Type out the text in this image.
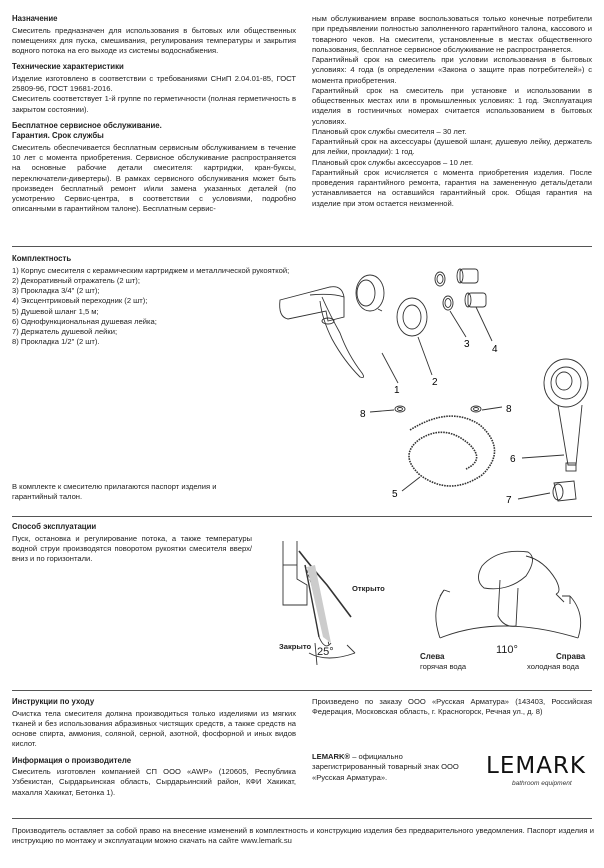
Назначение
Смеситель предназначен для использования в бытовых или общественных помещениях для пуска, смешивания, регулирования температуры и закрытия водного потока на его выходе из системы водоснабжения.
Технические характеристики
Изделие изготовлено в соответствии с требованиями СНиП 2.04.01-85, ГОСТ 25809-96, ГОСТ 19681-2016.
Смеситель соответствует 1-й группе по герметичности (полная герметичность в закрытом состоянии).
Бесплатное сервисное обслуживание.
Гарантия. Срок службы
Смеситель обеспечивается бесплатным сервисным обслуживанием в течение 10 лет с момента приобретения. Сервисное обслуживание распространяется на основные рабочие детали смесителя: картриджи, кран-буксы, переключатели-дивертеры). В рамках сервисного обслуживания может быть произведен бесплатный ремонт и/или замена указанных деталей (по усмотрению Сервис-центра, в соответствии с условиями, подробно описанными в гарантийном талоне). Бесплатным сервис-
ным обслуживанием вправе воспользоваться только конечные потребители при предъявлении полностью заполненного гарантийного талона, кассового и товарного чеков. На смесители, установленные в местах общественного пользования, бесплатное сервисное обслуживание не распространяется.
Гарантийный срок на смеситель при условии использования в бытовых условиях: 4 года (в определении «Закона о защите прав потребителей») с момента приобретения.
Гарантийный срок на смеситель при установке и использовании в общественных местах или в промышленных условиях: 1 год. Эксплуатация изделия в гостиничных номерах считается использованием в бытовых условиях.
Плановый срок службы смесителя – 30 лет.
Гарантийный срок на аксессуары (душевой шланг, душевую лейку, держатель для лейки, прокладки): 1 год.
Плановый срок службы аксессуаров – 10 лет.
Гарантийный срок исчисляется с момента приобретения изделия. После проведения гарантийного ремонта, гарантия на замененную деталь/детали устанавливается на оставшийся гарантийный срок. Общая гарантия на изделие при этом остается неизменной.
Комплектность
1) Корпус смесителя с керамическим картриджем и металлической рукояткой;
2) Декоративный отражатель (2 шт);
3) Прокладка 3/4" (2 шт);
4) Эксцентриковый переходник (2 шт);
5) Душевой шланг 1,5 м;
6) Однофункциональная душевая лейка;
7) Держатель душевой лейки;
8) Прокладка 1/2" (2 шт).
В комплекте к смесителю прилагаются паспорт изделия и гарантийный талон.
1
2
3 4
5
6
7
8	8
Способ эксплуатации
Пуск, остановка и регулирование потока, а также температуры водной струи производятся поворотом рукоятки смесителя вверх/вниз и по горизонтали.
25°
Открыто
Закрыто	110°
Слева
горячая вода
Справа
холодная вода
Инструкции по уходу
Очистка тела смесителя должна производиться только изделиями из мягких тканей и без использования абразивных чистящих средств, а также средств на основе спирта, аммония, соляной, серной, азотной, фосфорной и иных видов кислот.
Информация о производителе
Смеситель изготовлен компанией СП ООО «AWP» (120605, Республика Узбекистан, Сырдарьинская область, Сырдарьинский район, КФИ Хакикат, махалля Хакикат, Бетонка 1).
Произведено по заказу ООО «Русская Арматура» (143403, Российская Федерация, Московская область, г. Красногорск, Речная ул., д. 8)
LEMARK® – официально зарегистрированный товарный знак ООО «Русская Арматура».	LEMARK
bathroom equipment
Производитель оставляет за собой право на внесение изменений в комплектность и конструкцию изделия без предварительного уведомления. Паспорт изделия и инструкцию по монтажу и эксплуатации можно скачать на сайте www.lemark.su
